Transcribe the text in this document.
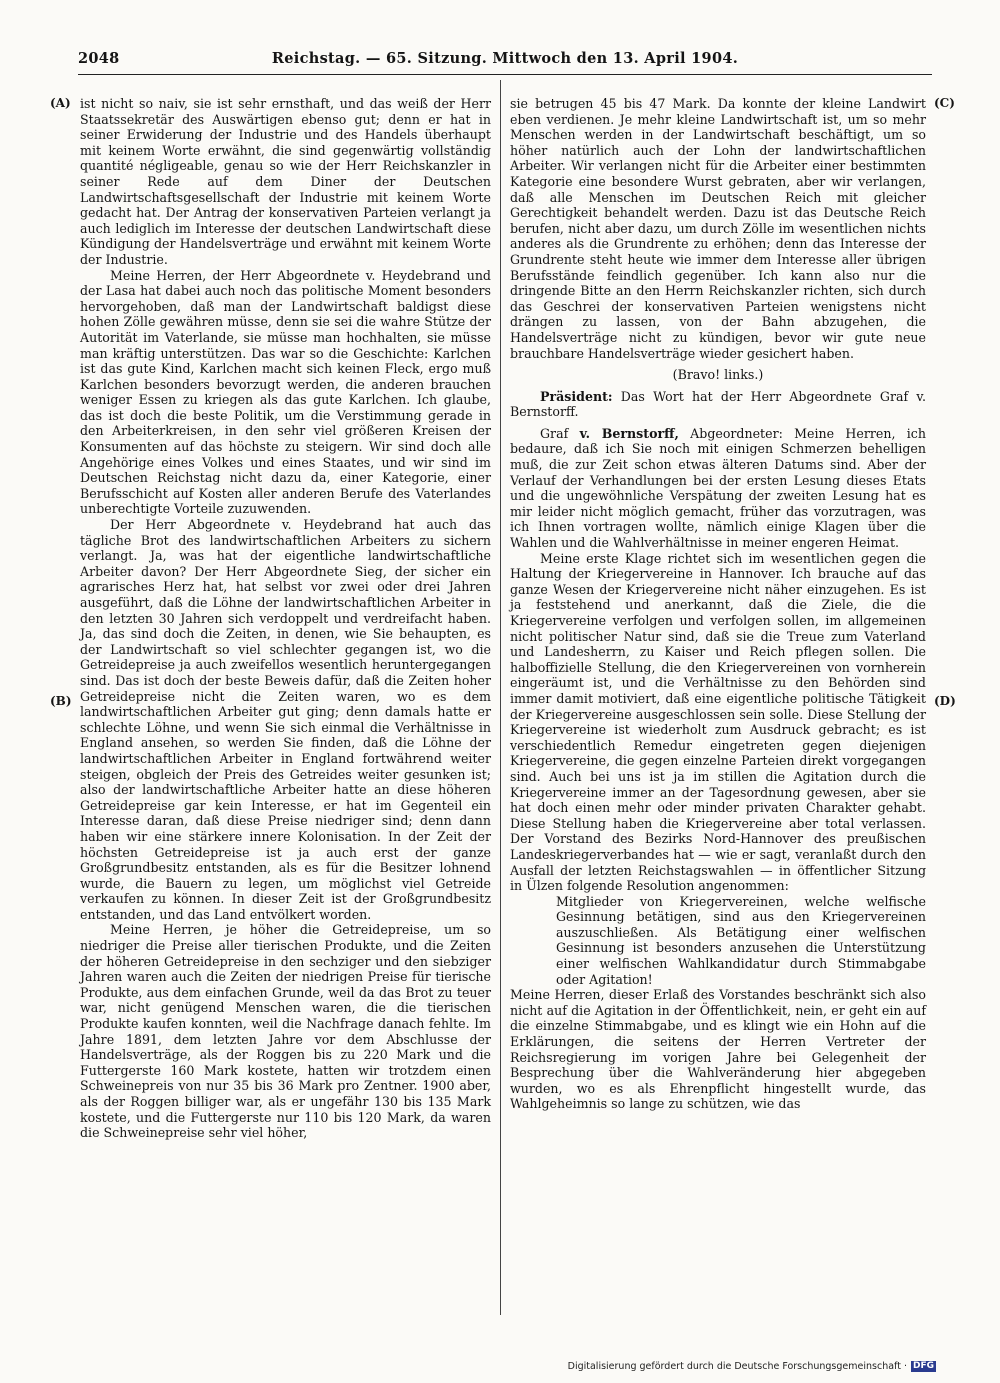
2048	Reichstag. — 65. Sitzung. Mittwoch den 13. April 1904.
(A)
(B)
(C)
(D)

ist nicht so naiv, sie ist sehr ernsthaft, und das weiß der Herr Staatssekretär des Auswärtigen ebenso gut; denn er hat in seiner Erwiderung der Industrie und des Handels überhaupt mit keinem Worte erwähnt, die sind gegenwärtig vollständig quantité négligeable, genau so wie der Herr Reichskanzler in seiner Rede auf dem Diner der Deutschen Landwirtschaftsgesellschaft der Industrie mit keinem Worte gedacht hat. Der Antrag der konservativen Parteien verlangt ja auch lediglich im Interesse der deutschen Landwirtschaft diese Kündigung der Handelsverträge und erwähnt mit keinem Worte der Industrie.

Meine Herren, der Herr Abgeordnete v. Heydebrand und der Lasa hat dabei auch noch das politische Moment besonders hervorgehoben, daß man der Landwirtschaft baldigst diese hohen Zölle gewähren müsse, denn sie sei die wahre Stütze der Autorität im Vaterlande, sie müsse man hochhalten, sie müsse man kräftig unterstützen. Das war so die Geschichte: Karlchen ist das gute Kind, Karlchen macht sich keinen Fleck, ergo muß Karlchen besonders bevorzugt werden, die anderen brauchen weniger Essen zu kriegen als das gute Karlchen. Ich glaube, das ist doch die beste Politik, um die Verstimmung gerade in den Arbeiterkreisen, in den sehr viel größeren Kreisen der Konsumenten auf das höchste zu steigern. Wir sind doch alle Angehörige eines Volkes und eines Staates, und wir sind im Deutschen Reichstag nicht dazu da, einer Kategorie, einer Berufsschicht auf Kosten aller anderen Berufe des Vaterlandes unberechtigte Vorteile zuzuwenden.

Der Herr Abgeordnete v. Heydebrand hat auch das tägliche Brot des landwirtschaftlichen Arbeiters zu sichern verlangt. Ja, was hat der eigentliche landwirtschaftliche Arbeiter davon? Der Herr Abgeordnete Sieg, der sicher ein agrarisches Herz hat, hat selbst vor zwei oder drei Jahren ausgeführt, daß die Löhne der landwirtschaftlichen Arbeiter in den letzten 30 Jahren sich verdoppelt und verdreifacht haben. Ja, das sind doch die Zeiten, in denen, wie Sie behaupten, es der Landwirtschaft so viel schlechter gegangen ist, wo die Getreidepreise ja auch zweifellos wesentlich heruntergegangen sind. Das ist doch der beste Beweis dafür, daß die Zeiten hoher Getreidepreise nicht die Zeiten waren, wo es dem landwirtschaftlichen Arbeiter gut ging; denn damals hatte er schlechte Löhne, und wenn Sie sich einmal die Verhältnisse in England ansehen, so werden Sie finden, daß die Löhne der landwirtschaftlichen Arbeiter in England fortwährend weiter steigen, obgleich der Preis des Getreides weiter gesunken ist; also der landwirtschaftliche Arbeiter hatte an diese höheren Getreidepreise gar kein Interesse, er hat im Gegenteil ein Interesse daran, daß diese Preise niedriger sind; denn dann haben wir eine stärkere innere Kolonisation. In der Zeit der höchsten Getreidepreise ist ja auch erst der ganze Großgrundbesitz entstanden, als es für die Besitzer lohnend wurde, die Bauern zu legen, um möglichst viel Getreide verkaufen zu können. In dieser Zeit ist der Großgrundbesitz entstanden, und das Land entvölkert worden.

Meine Herren, je höher die Getreidepreise, um so niedriger die Preise aller tierischen Produkte, und die Zeiten der höheren Getreidepreise in den sechziger und den siebziger Jahren waren auch die Zeiten der niedrigen Preise für tierische Produkte, aus dem einfachen Grunde, weil da das Brot zu teuer war, nicht genügend Menschen waren, die die tierischen Produkte kaufen konnten, weil die Nachfrage danach fehlte. Im Jahre 1891, dem letzten Jahre vor dem Abschlusse der Handelsverträge, als der Roggen bis zu 220 Mark und die Futtergerste 160 Mark kostete, hatten wir trotzdem einen Schweinepreis von nur 35 bis 36 Mark pro Zentner. 1900 aber, als der Roggen billiger war, als er ungefähr 130 bis 135 Mark kostete, und die Futtergerste nur 110 bis 120 Mark, da waren die Schweinepreise sehr viel höher,

sie betrugen 45 bis 47 Mark. Da konnte der kleine Landwirt eben verdienen. Je mehr kleine Landwirtschaft ist, um so mehr Menschen werden in der Landwirtschaft beschäftigt, um so höher natürlich auch der Lohn der landwirtschaftlichen Arbeiter. Wir verlangen nicht für die Arbeiter einer bestimmten Kategorie eine besondere Wurst gebraten, aber wir verlangen, daß alle Menschen im Deutschen Reich mit gleicher Gerechtigkeit behandelt werden. Dazu ist das Deutsche Reich berufen, nicht aber dazu, um durch Zölle im wesentlichen nichts anderes als die Grundrente zu erhöhen; denn das Interesse der Grundrente steht heute wie immer dem Interesse aller übrigen Berufsstände feindlich gegenüber. Ich kann also nur die dringende Bitte an den Herrn Reichskanzler richten, sich durch das Geschrei der konservativen Parteien wenigstens nicht drängen zu lassen, von der Bahn abzugehen, die Handelsverträge nicht zu kündigen, bevor wir gute neue brauchbare Handelsverträge wieder gesichert haben.

(Bravo! links.)

Präsident: Das Wort hat der Herr Abgeordnete Graf v. Bernstorff.

Graf v. Bernstorff, Abgeordneter: Meine Herren, ich bedaure, daß ich Sie noch mit einigen Schmerzen behelligen muß, die zur Zeit schon etwas älteren Datums sind. Aber der Verlauf der Verhandlungen bei der ersten Lesung dieses Etats und die ungewöhnliche Verspätung der zweiten Lesung hat es mir leider nicht möglich gemacht, früher das vorzutragen, was ich Ihnen vortragen wollte, nämlich einige Klagen über die Wahlen und die Wahlverhältnisse in meiner engeren Heimat.

Meine erste Klage richtet sich im wesentlichen gegen die Haltung der Kriegervereine in Hannover. Ich brauche auf das ganze Wesen der Kriegervereine nicht näher einzugehen. Es ist ja feststehend und anerkannt, daß die Ziele, die die Kriegervereine verfolgen und verfolgen sollen, im allgemeinen nicht politischer Natur sind, daß sie die Treue zum Vaterland und Landesherrn, zu Kaiser und Reich pflegen sollen. Die halboffizielle Stellung, die den Kriegervereinen von vornherein eingeräumt ist, und die Verhältnisse zu den Behörden sind immer damit motiviert, daß eine eigentliche politische Tätigkeit der Kriegervereine ausgeschlossen sein solle. Diese Stellung der Kriegervereine ist wiederholt zum Ausdruck gebracht; es ist verschiedentlich Remedur eingetreten gegen diejenigen Kriegervereine, die gegen einzelne Parteien direkt vorgegangen sind. Auch bei uns ist ja im stillen die Agitation durch die Kriegervereine immer an der Tagesordnung gewesen, aber sie hat doch einen mehr oder minder privaten Charakter gehabt. Diese Stellung haben die Kriegervereine aber total verlassen. Der Vorstand des Bezirks Nord-Hannover des preußischen Landeskriegerverbandes hat — wie er sagt, veranlaßt durch den Ausfall der letzten Reichstagswahlen — in öffentlicher Sitzung in Ülzen folgende Resolution angenommen:

Mitglieder von Kriegervereinen, welche welfische Gesinnung betätigen, sind aus den Kriegervereinen auszuschließen. Als Betätigung einer welfischen Gesinnung ist besonders anzusehen die Unterstützung einer welfischen Wahlkandidatur durch Stimmabgabe oder Agitation!

Meine Herren, dieser Erlaß des Vorstandes beschränkt sich also nicht auf die Agitation in der Öffentlichkeit, nein, er geht ein auf die einzelne Stimmabgabe, und es klingt wie ein Hohn auf die Erklärungen, die seitens der Herren Vertreter der Reichsregierung im vorigen Jahre bei Gelegenheit der Besprechung über die Wahlveränderung hier abgegeben wurden, wo es als Ehrenpflicht hingestellt wurde, das Wahlgeheimnis so lange zu schützen, wie das

Digitalisierung gefördert durch die Deutsche Forschungsgemeinschaft · DFG
